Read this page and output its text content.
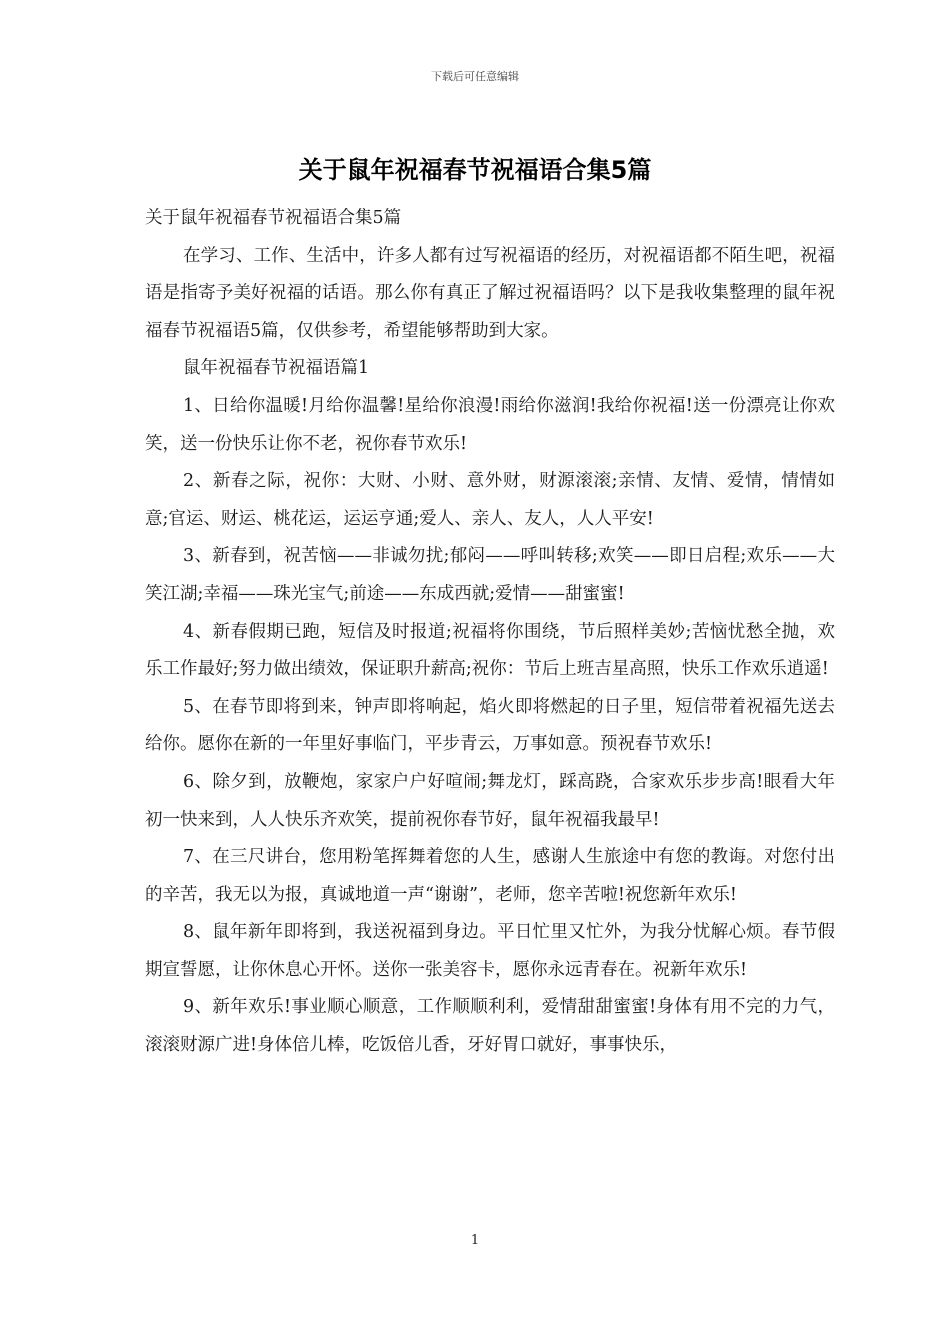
下载后可任意编辑
关于鼠年祝福春节祝福语合集5篇

关于鼠年祝福春节祝福语合集5篇

在学习、工作、生活中，许多人都有过写祝福语的经历，对祝福语都不陌生吧，祝福语是指寄予美好祝福的话语。那么你有真正了解过祝福语吗？以下是我收集整理的鼠年祝福春节祝福语5篇，仅供参考，希望能够帮助到大家。

鼠年祝福春节祝福语篇1

1、日给你温暖!月给你温馨!星给你浪漫!雨给你滋润!我给你祝福!送一份漂亮让你欢笑，送一份快乐让你不老，祝你春节欢乐!

2、新春之际，祝你：大财、小财、意外财，财源滚滚;亲情、友情、爱情，情情如意;官运、财运、桃花运，运运亨通;爱人、亲人、友人，人人平安!

3、新春到，祝苦恼——非诚勿扰;郁闷——呼叫转移;欢笑——即日启程;欢乐——大笑江湖;幸福——珠光宝气;前途——东成西就;爱情——甜蜜蜜!

4、新春假期已跑，短信及时报道;祝福将你围绕，节后照样美妙;苦恼忧愁全抛，欢乐工作最好;努力做出绩效，保证职升薪高;祝你：节后上班吉星高照，快乐工作欢乐逍遥!

5、在春节即将到来，钟声即将响起，焰火即将燃起的日子里，短信带着祝福先送去给你。愿你在新的一年里好事临门，平步青云，万事如意。预祝春节欢乐!

6、除夕到，放鞭炮，家家户户好喧闹;舞龙灯，踩高跷，合家欢乐步步高!眼看大年初一快来到，人人快乐齐欢笑，提前祝你春节好，鼠年祝福我最早!

7、在三尺讲台，您用粉笔挥舞着您的人生，感谢人生旅途中有您的教诲。对您付出的辛苦，我无以为报，真诚地道一声“谢谢”，老师，您辛苦啦!祝您新年欢乐!

8、鼠年新年即将到，我送祝福到身边。平日忙里又忙外，为我分忧解心烦。春节假期宣誓愿，让你休息心开怀。送你一张美容卡，愿你永远青春在。祝新年欢乐!

9、新年欢乐!事业顺心顺意，工作顺顺利利，爱情甜甜蜜蜜!身体有用不完的力气，滚滚财源广进!身体倍儿棒，吃饭倍儿香，牙好胃口就好，事事快乐，

1
